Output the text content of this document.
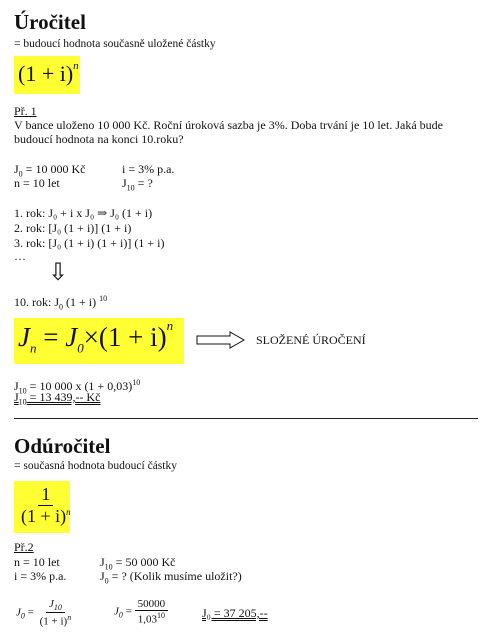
Úročitel
= budoucí hodnota současně uložené částky
$(1 + i)^n$
Př. 1
V bance uloženo 10 000 Kč. Roční úroková sazba je 3%. Doba trvání je 10 let. Jaká bude
budoucí hodnota na konci 10.roku?
$J_0 = 10$ 000 Kč	i = 3% p.a.
n = 10 let	$J_{10}$ = ?
1. rok: J₀ + i x J₀ ⇒ J₀ (1 + i)
2. rok: [J₀ (1 + i)] (1 + i)
3. rok: [J₀ (1 + i) (1 + i)] (1 + i)
…
⇩
10. rok: $J_0$ (1 + i) $^{10}$
$J_n = J_0\times(1 + i)^n$
SLOŽENÉ ÚROČENÍ
$J_{10} = 10$ 000 x $(1 + 0,03)^{10}$
$J_{10} = 13$ 439,-- Kč
Odúročitel
= současná hodnota budoucí částky
$\frac{1}{(1 + i)^n}$
Př.2
n = 10 let	$J_{10} = 50$ 000 Kč
i = 3% p.a.	$J_0$ = ? (Kolik musíme uložit?)
$J_0 = \frac{J_{10}}{(1 + i)^n}$	$J_0 = \frac{50000}{1,03^{10}}$	J₀ = 37 205,--
